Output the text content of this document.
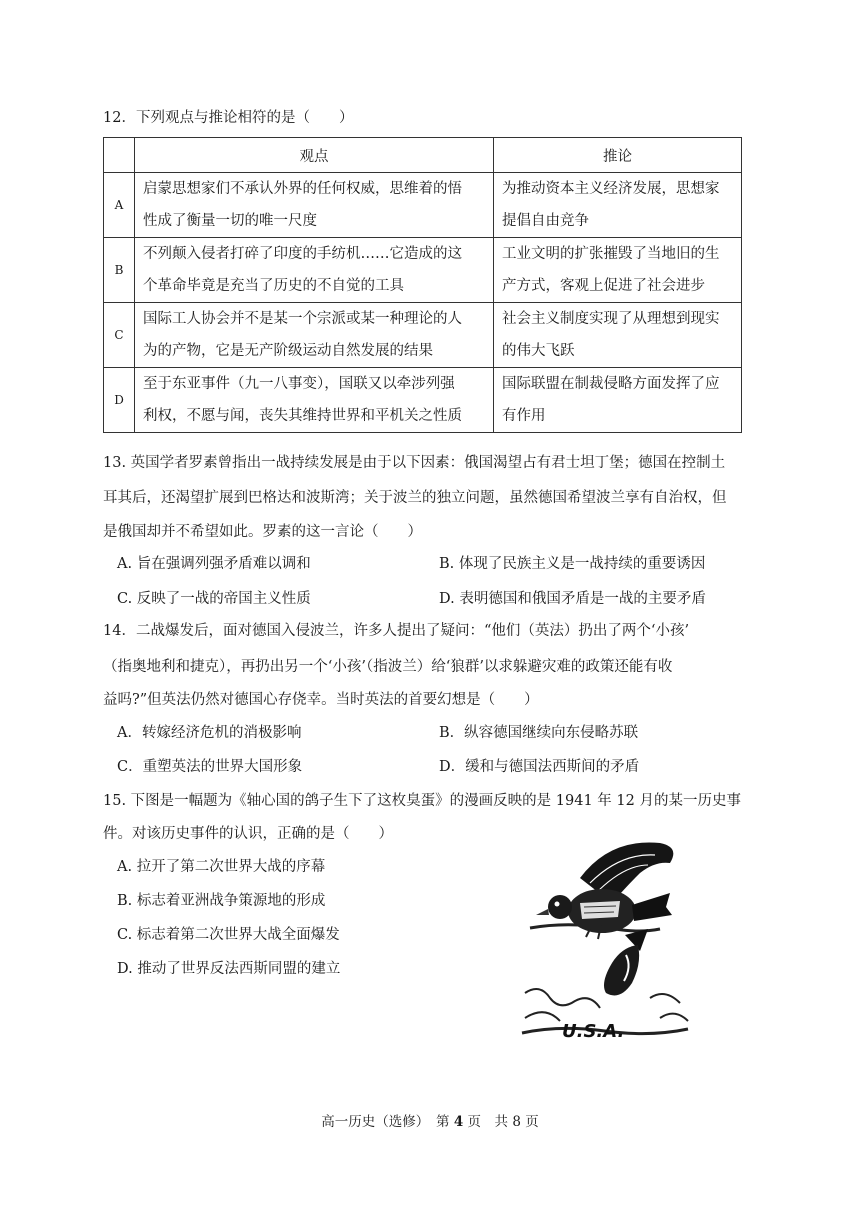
12．下列观点与推论相符的是（　　）
	观点	推论
A	启蒙思想家们不承认外界的任何权威，思维着的悟
性成了衡量一切的唯一尺度	为推动资本主义经济发展，思想家
提倡自由竞争
B	不列颠入侵者打碎了印度的手纺机……它造成的这
个革命毕竟是充当了历史的不自觉的工具	工业文明的扩张摧毁了当地旧的生
产方式，客观上促进了社会进步
C	国际工人协会并不是某一个宗派或某一种理论的人
为的产物，它是无产阶级运动自然发展的结果	社会主义制度实现了从理想到现实
的伟大飞跃
D	至于东亚事件（九一八事变），国联又以牵涉列强
利权，不愿与闻，丧失其维持世界和平机关之性质	国际联盟在制裁侵略方面发挥了应
有作用
13. 英国学者罗素曾指出一战持续发展是由于以下因素：俄国渴望占有君士坦丁堡；德国在控制土
耳其后，还渴望扩展到巴格达和波斯湾；关于波兰的独立问题，虽然德国希望波兰享有自治权，但
是俄国却并不希望如此。罗素的这一言论（　　）
A. 旨在强调列强矛盾难以调和	B. 体现了民族主义是一战持续的重要诱因
C. 反映了一战的帝国主义性质	D. 表明德国和俄国矛盾是一战的主要矛盾
14．二战爆发后，面对德国入侵波兰，许多人提出了疑问：“他们（英法）扔出了两个‘小孩’
（指奥地利和捷克），再扔出另一个‘小孩’（指波兰）给‘狼群’以求躲避灾难的政策还能有收
益吗?”但英法仍然对德国心存侥幸。当时英法的首要幻想是（　　）
A．转嫁经济危机的消极影响	B．纵容德国继续向东侵略苏联
C．重塑英法的世界大国形象	D．缓和与德国法西斯间的矛盾
15. 下图是一幅题为《轴心国的鸽子生下了这枚臭蛋》的漫画反映的是 1941 年 12 月的某一历史事
件。对该历史事件的认识，正确的是（　　）
A. 拉开了第二次世界大战的序幕
B. 标志着亚洲战争策源地的形成
C. 标志着第二次世界大战全面爆发
D. 推动了世界反法西斯同盟的建立
U.S.A.
高一历史（选修）　第 4 页　共 8 页
